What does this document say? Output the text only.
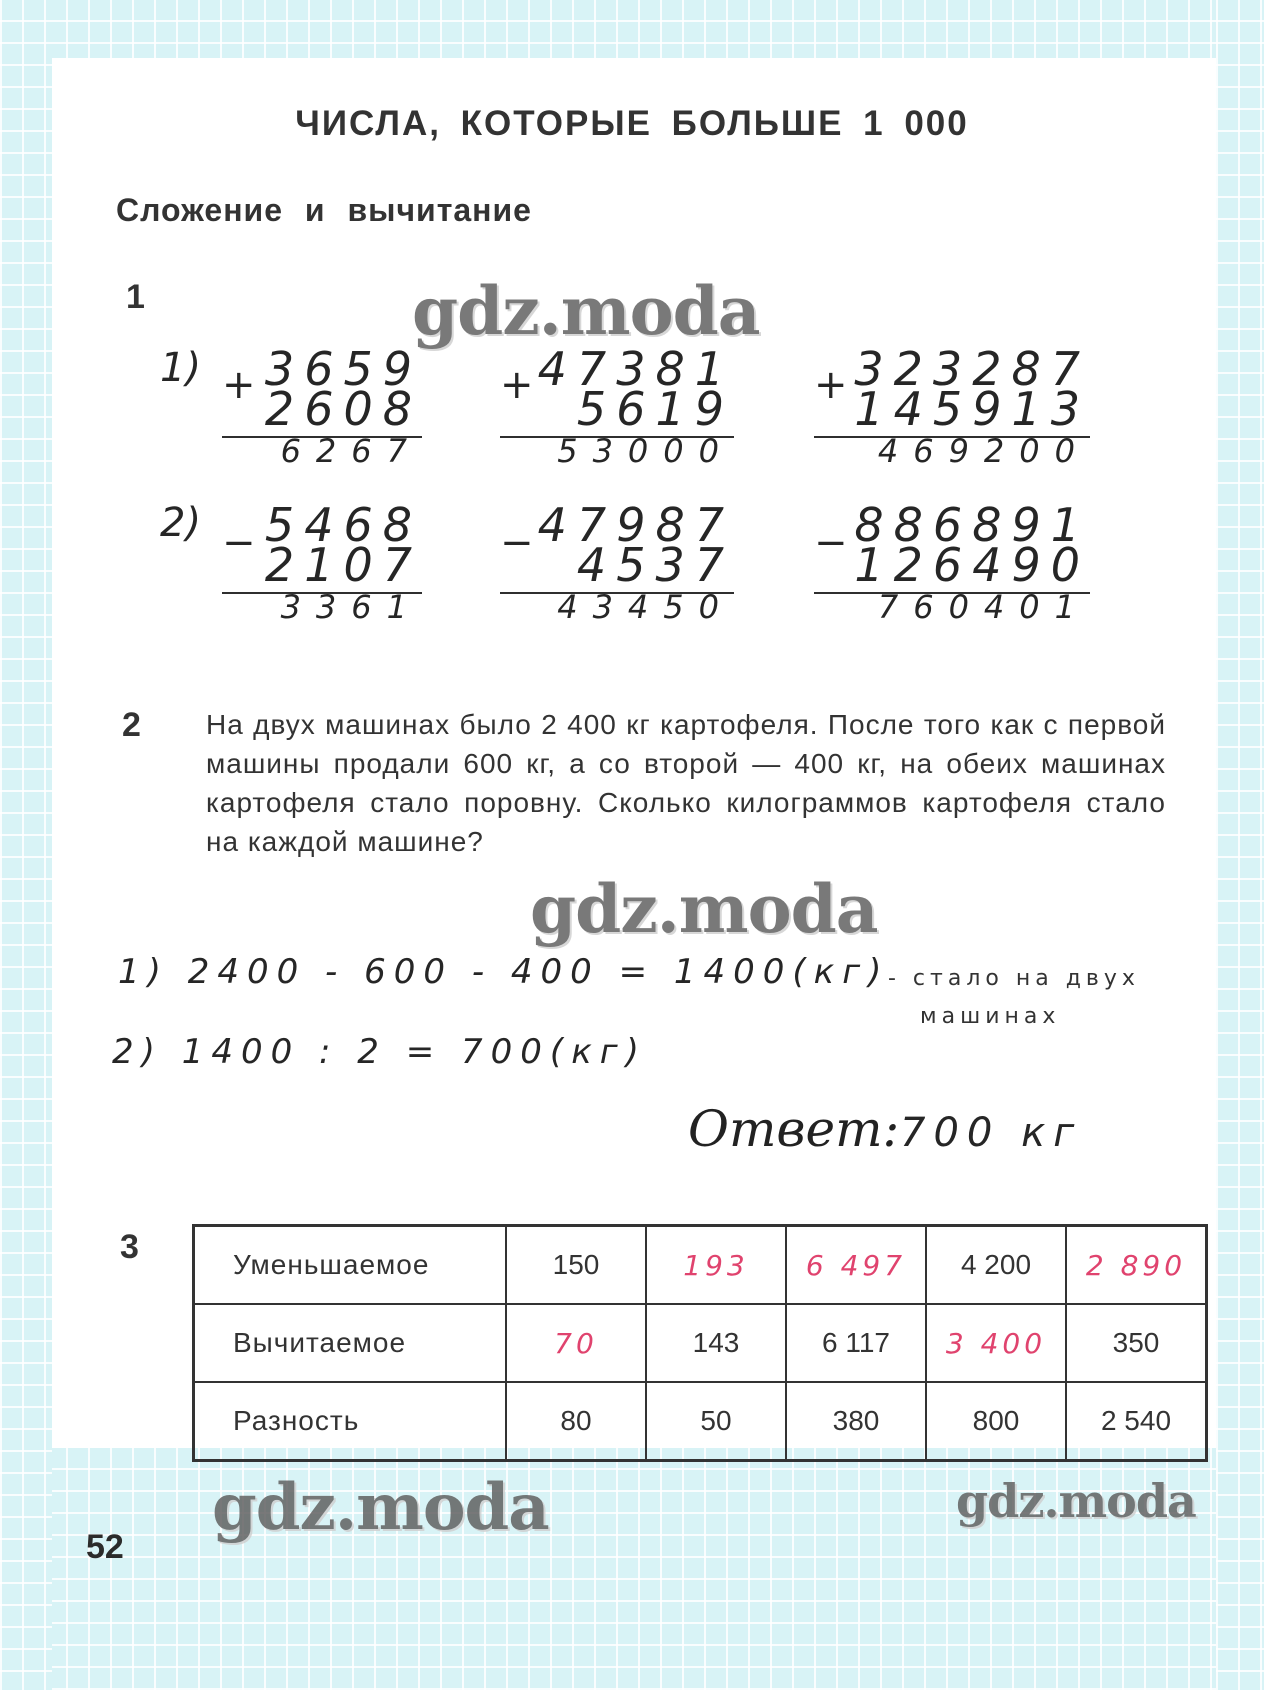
ЧИСЛА, КОТОРЫЕ БОЛЬШЕ 1 000
Сложение и вычитание
1	gdz.moda
1)
2)
+ 3659
2608
6267
+ 47381
5619
53000
+ 323287
145913
469200
− 5468
2107
3361
− 47987
4537
43450
− 886891
126490
760401
2 На двух машинах было 2 400 кг картофеля. После того как с первой машины продали 600 кг, а со второй — 400 кг, на обеих машинах картофеля стало поровну. Сколько килограммов картофеля стало на каждой машине?
gdz.moda
1) 2400 - 600 - 400 = 1400(кг)
- стало на двух
машинах
2) 1400 : 2 = 700(кг)
Ответ: 700 кг
3	Уменьшаемое	150	193	6 497	4 200	2 890
Вычитаемое	70	143	6 117	3 400	350
Разность	80	50	380	800	2 540
gdz.moda	gdz.moda
52
